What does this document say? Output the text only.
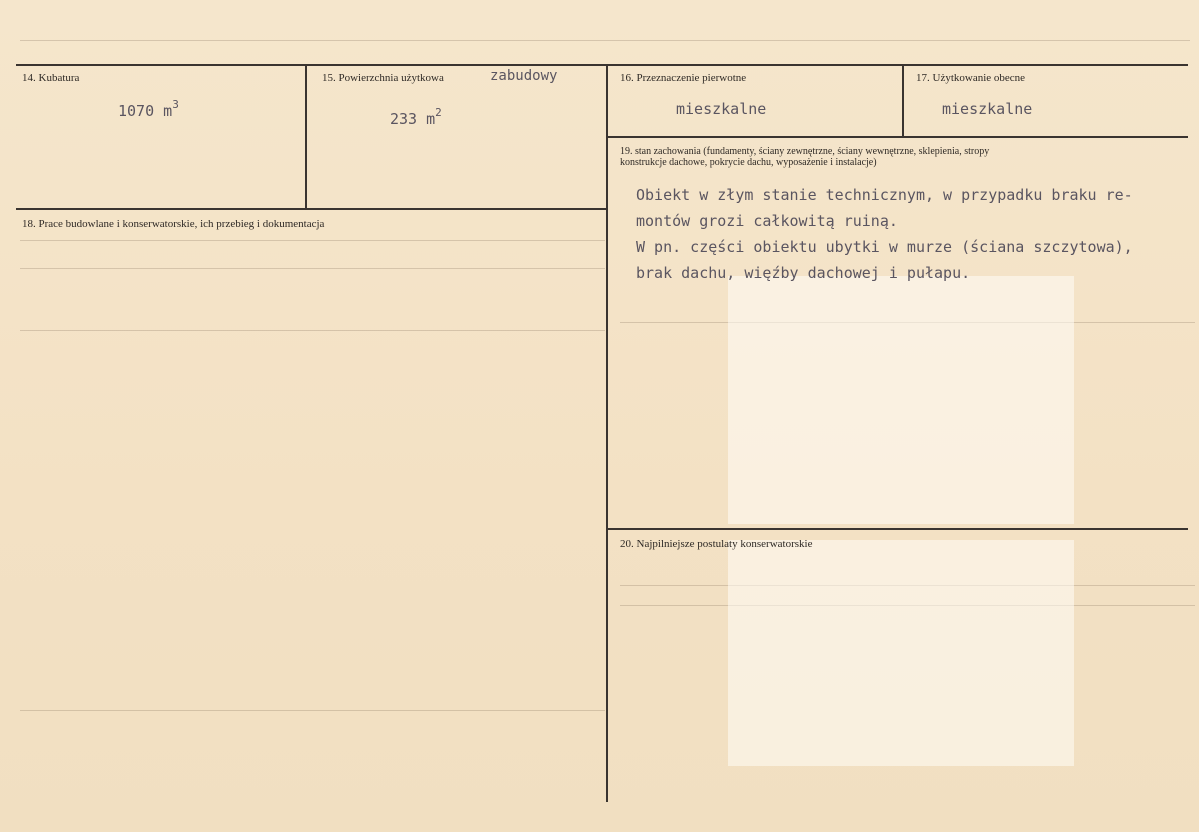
14. Kubatura
1070 $m^3$
15. Powierzchnia użytkowa	zabudowy
233 $m^2$
16. Przeznaczenie pierwotne
mieszkalne
17. Użytkowanie obecne
mieszkalne
18. Prace budowlane i konserwatorskie, ich przebieg i dokumentacja
19. stan zachowania (fundamenty, ściany zewnętrzne, ściany wewnętrzne, sklepienia, stropy
konstrukcje dachowe, pokrycie dachu, wyposażenie i instalacje)
Obiekt w złym stanie technicznym, w przypadku braku re-
montów grozi całkowitą ruiną.
W pn. części obiektu ubytki w murze (ściana szczytowa),
brak dachu, więźby dachowej i pułapu.
20. Najpilniejsze postulaty konserwatorskie
